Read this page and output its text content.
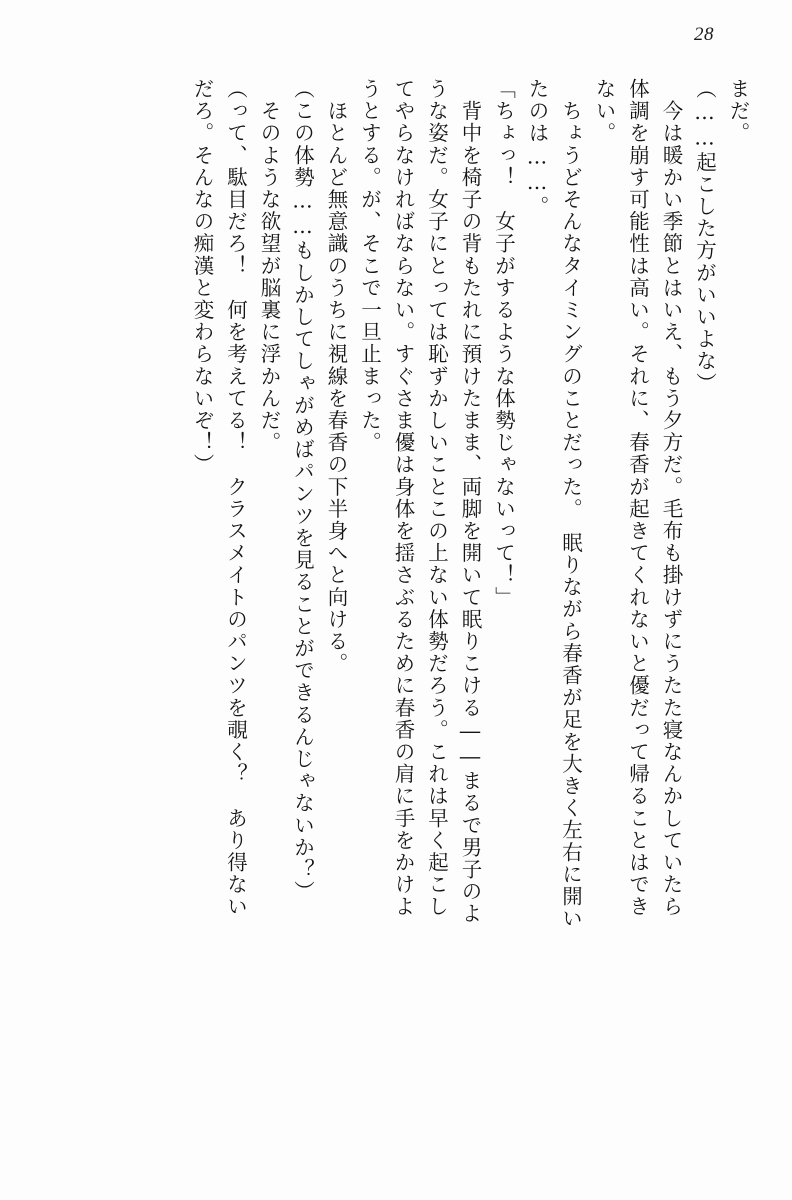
28
まだ。
（……起こした方がいいよな）
　今は暖かい季節とはいえ、もう夕方だ。毛布も掛けずにうたた寝なんかしていたら
体調を崩す可能性は高い。それに、春香が起きてくれないと優だって帰ることはでき
ない。
　ちょうどそんなタイミングのことだった。　眠りながら春香が足を大きく左右に開い
たのは……。
「ちょっ！　女子がするような体勢じゃないって！」
　背中を椅子の背もたれに預けたまま、両脚を開いて眠りこける――まるで男子のよ
うな姿だ。女子にとっては恥ずかしいことこの上ない体勢だろう。これは早く起こし
てやらなければならない。すぐさま優は身体を揺さぶるために春香の肩に手をかけよ
うとする。が、そこで一旦止まった。
　ほとんど無意識のうちに視線を春香の下半身へと向ける。
（この体勢……もしかしてしゃがめばパンツを見ることができるんじゃないか？）
　そのような欲望が脳裏に浮かんだ。
（って、駄目だろ！　何を考えてる！　クラスメイトのパンツを覗く？　あり得ない
だろ。そんなの痴漢と変わらないぞ！）
